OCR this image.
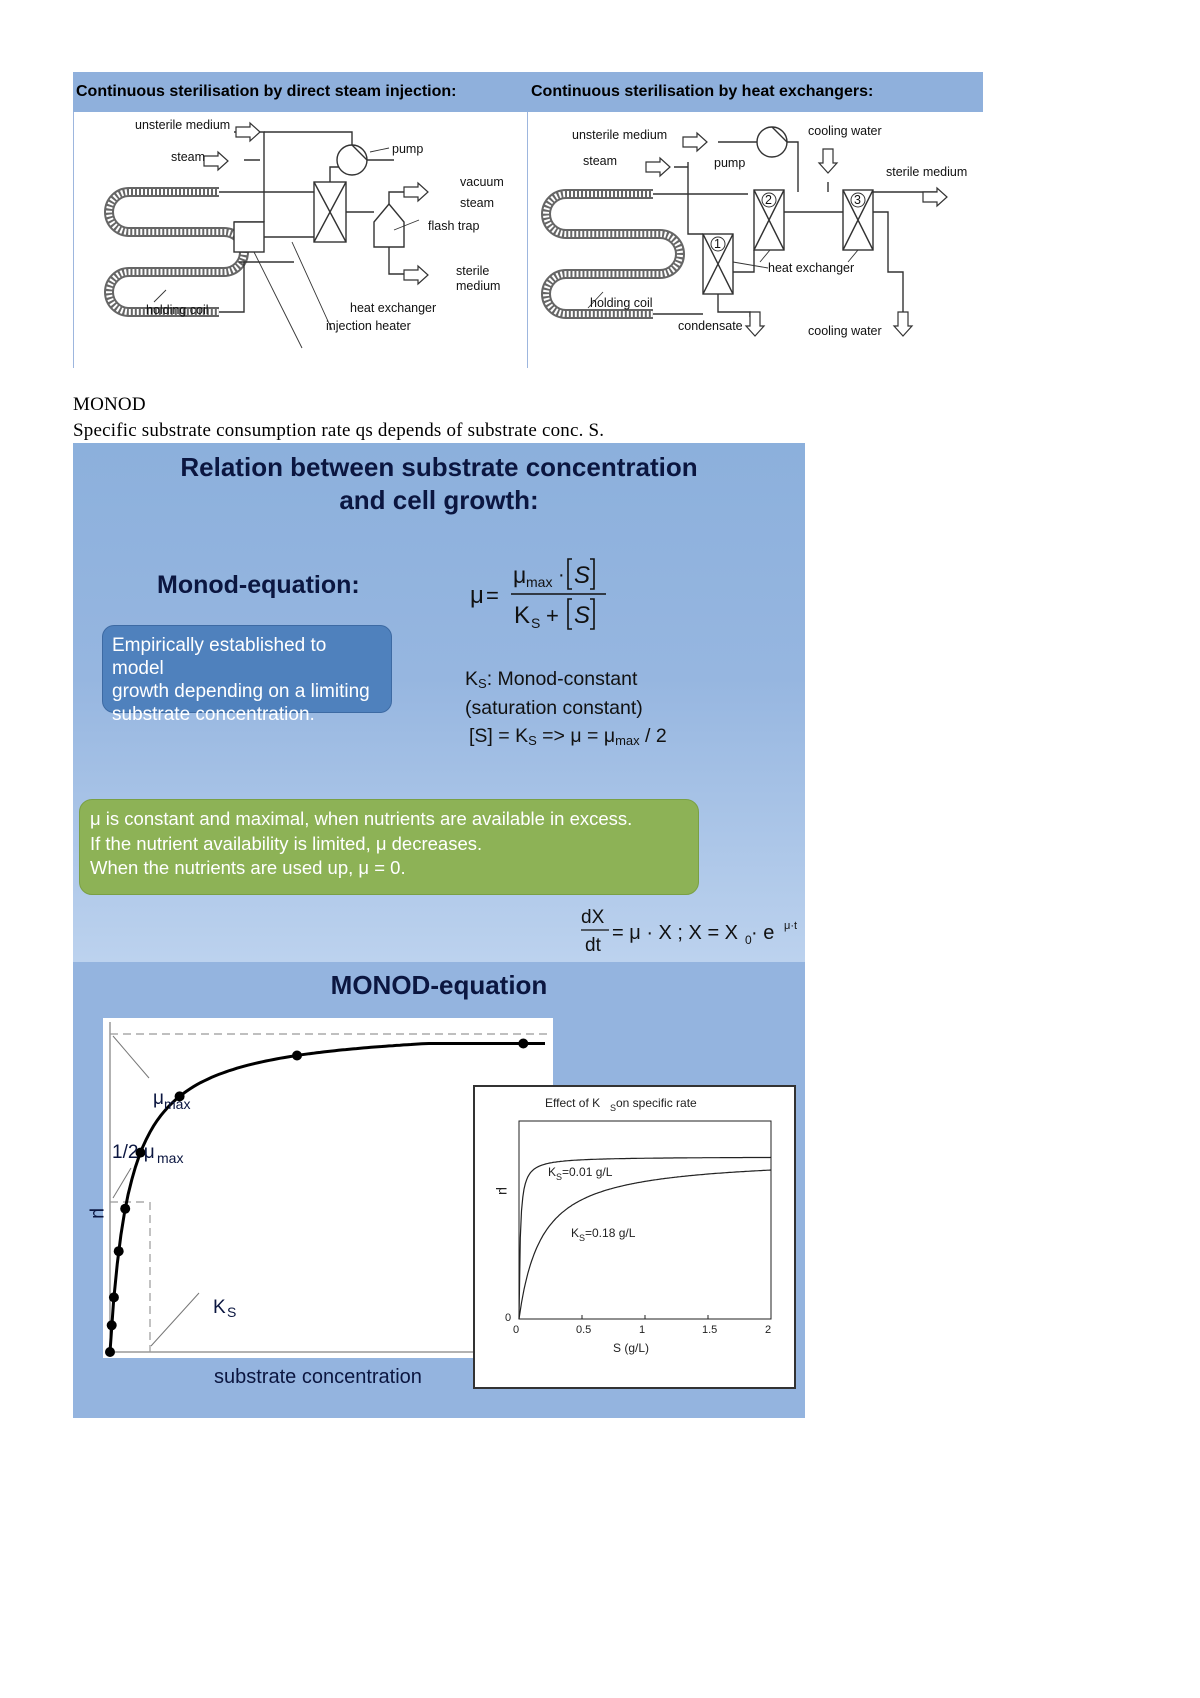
Continuous sterilisation by direct steam injection:	Continuous sterilisation by heat exchangers:
unsterile medium
steam
pump
vacuum
steam
flash trap
sterile
medium
holding coil	heat exchanger
injection heater
1
2	3
unsterile medium	cooling water
steam	pump
sterile medium
heat exchanger
holding coil
condensate	cooling water
MONOD
Specific substrate consumption rate qs depends of substrate conc. S.
Relation between substrate concentration
and cell growth:
Monod-equation:	μ =
μ max · S
K S + S
Empirically established to model
growth depending on a limiting
substrate concentration.
$K_S$: Monod-constant
(saturation constant)
$[S] = K_S => \mu = \mu_{max} / 2$
μ is constant and maximal, when nutrients are available in excess.
If the nutrient availability is limited, μ decreases.
When the nutrients are used up, μ = 0.
dX
dt
= μ · X ; X = X 0 · e μ·t
MONOD-equation
μ max
1/2 μ max
K S
μ
substrate concentration
Effect of K S on specific rate
0	0.5	1	1.5	2
K S =0.01 g/L
K S =0.18 g/L
μ
0
S (g/L)
